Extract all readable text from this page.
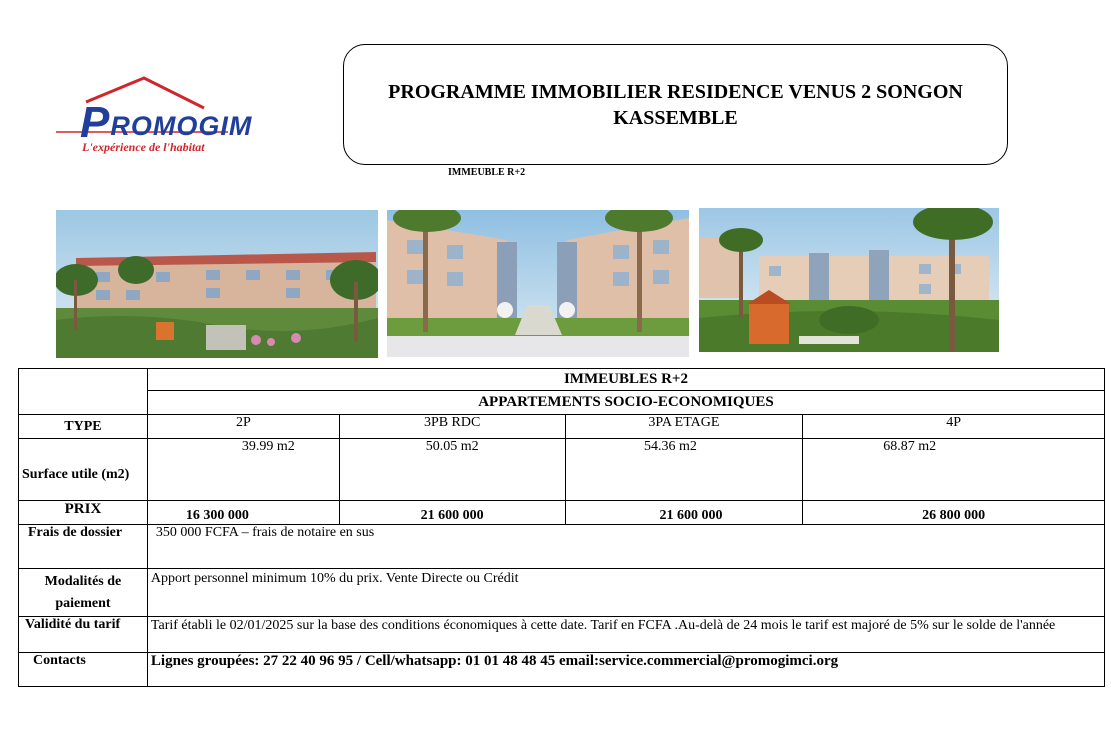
PROMOGIM
L'expérience de l'habitat
PROGRAMME IMMOBILIER RESIDENCE VENUS 2 SONGON KASSEMBLE
IMMEUBLE R+2
	IMMEUBLES R+2			
	APPARTEMENTS SOCIO-ECONOMIQUES			
TYPE	2P	3PB RDC	3PA ETAGE	4P
Surface utile (m2)	39.99 m2	50.05 m2	54.36 m2	68.87 m2
PRIX	16 300 000	21 600 000	21 600 000	26 800 000
Frais de dossier	350 000 FCFA – frais de notaire en sus			
Modalités de paiement	Apport personnel minimum 10% du prix. Vente Directe ou Crédit			
Validité du tarif	Tarif établi le 02/01/2025 sur la base des conditions économiques à cette date. Tarif en FCFA .Au-delà de 24 mois le tarif est majoré de 5% sur le solde de l'année			
Contacts	Lignes groupées: 27 22 40 96 95 / Cell/whatsapp: 01 01 48 48 45 email:service.commercial@promogimci.org			
